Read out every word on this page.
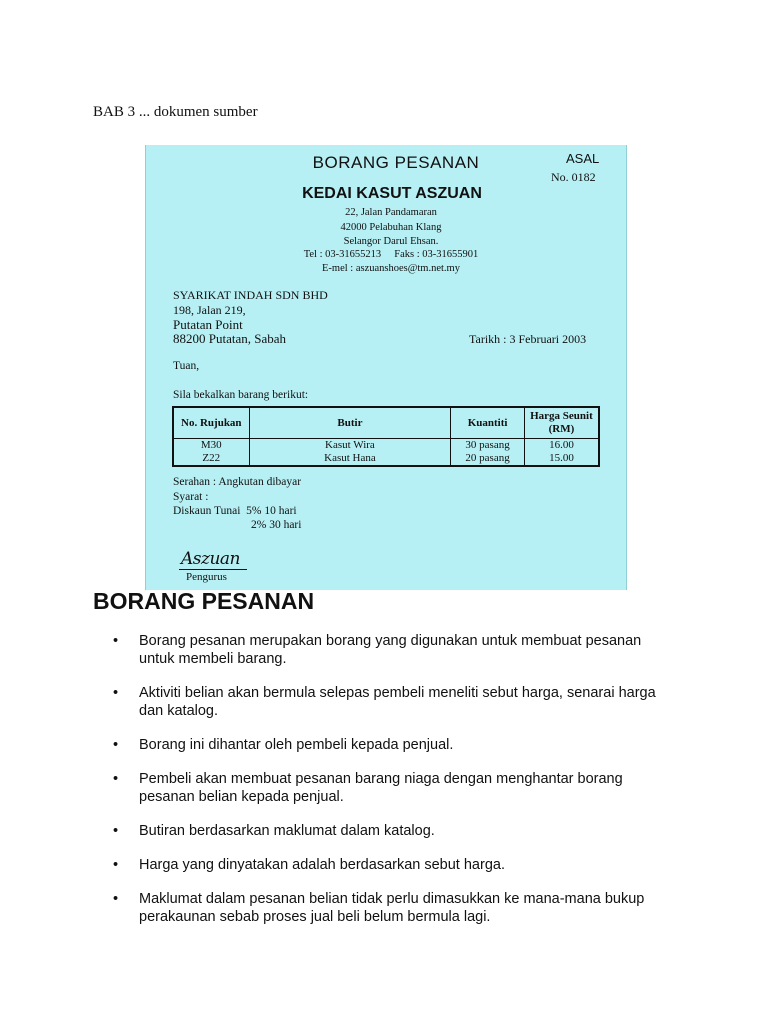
BAB 3 ... dokumen sumber
BORANG PESANAN	ASAL
No. 0182
KEDAI KASUT ASZUAN
22, Jalan Pandamaran
42000 Pelabuhan Klang
Selangor Darul Ehsan.
Tel : 03-31655213     Faks : 03-31655901
E-mel : aszuanshoes@tm.net.my
SYARIKAT INDAH SDN BHD
198, Jalan 219,
Putatan Point
88200 Putatan, Sabah	Tarikh : 3 Februari 2003
Tuan,
Sila bekalkan barang berikut:
No. Rujukan	Butir	Kuantiti	Harga Seunit (RM)
M30	Kasut Wira	30 pasang	16.00
Z22	Kasut Hana	20 pasang	15.00
Serahan : Angkutan dibayar
Syarat :
Diskaun Tunai  5% 10 hari
2% 30 hari
Aszuan
Pengurus
BORANG PESANAN
• Borang pesanan merupakan borang yang digunakan untuk membuat pesanan untuk membeli barang.
• Aktiviti belian akan bermula selepas pembeli meneliti sebut harga, senarai harga dan katalog.
• Borang ini dihantar oleh pembeli kepada penjual.
• Pembeli akan membuat pesanan barang niaga dengan menghantar borang pesanan belian kepada penjual.
• Butiran berdasarkan maklumat dalam katalog.
• Harga yang dinyatakan adalah berdasarkan sebut harga.
• Maklumat dalam pesanan belian tidak perlu dimasukkan ke mana-mana bukup perakaunan sebab proses jual beli belum bermula lagi.
